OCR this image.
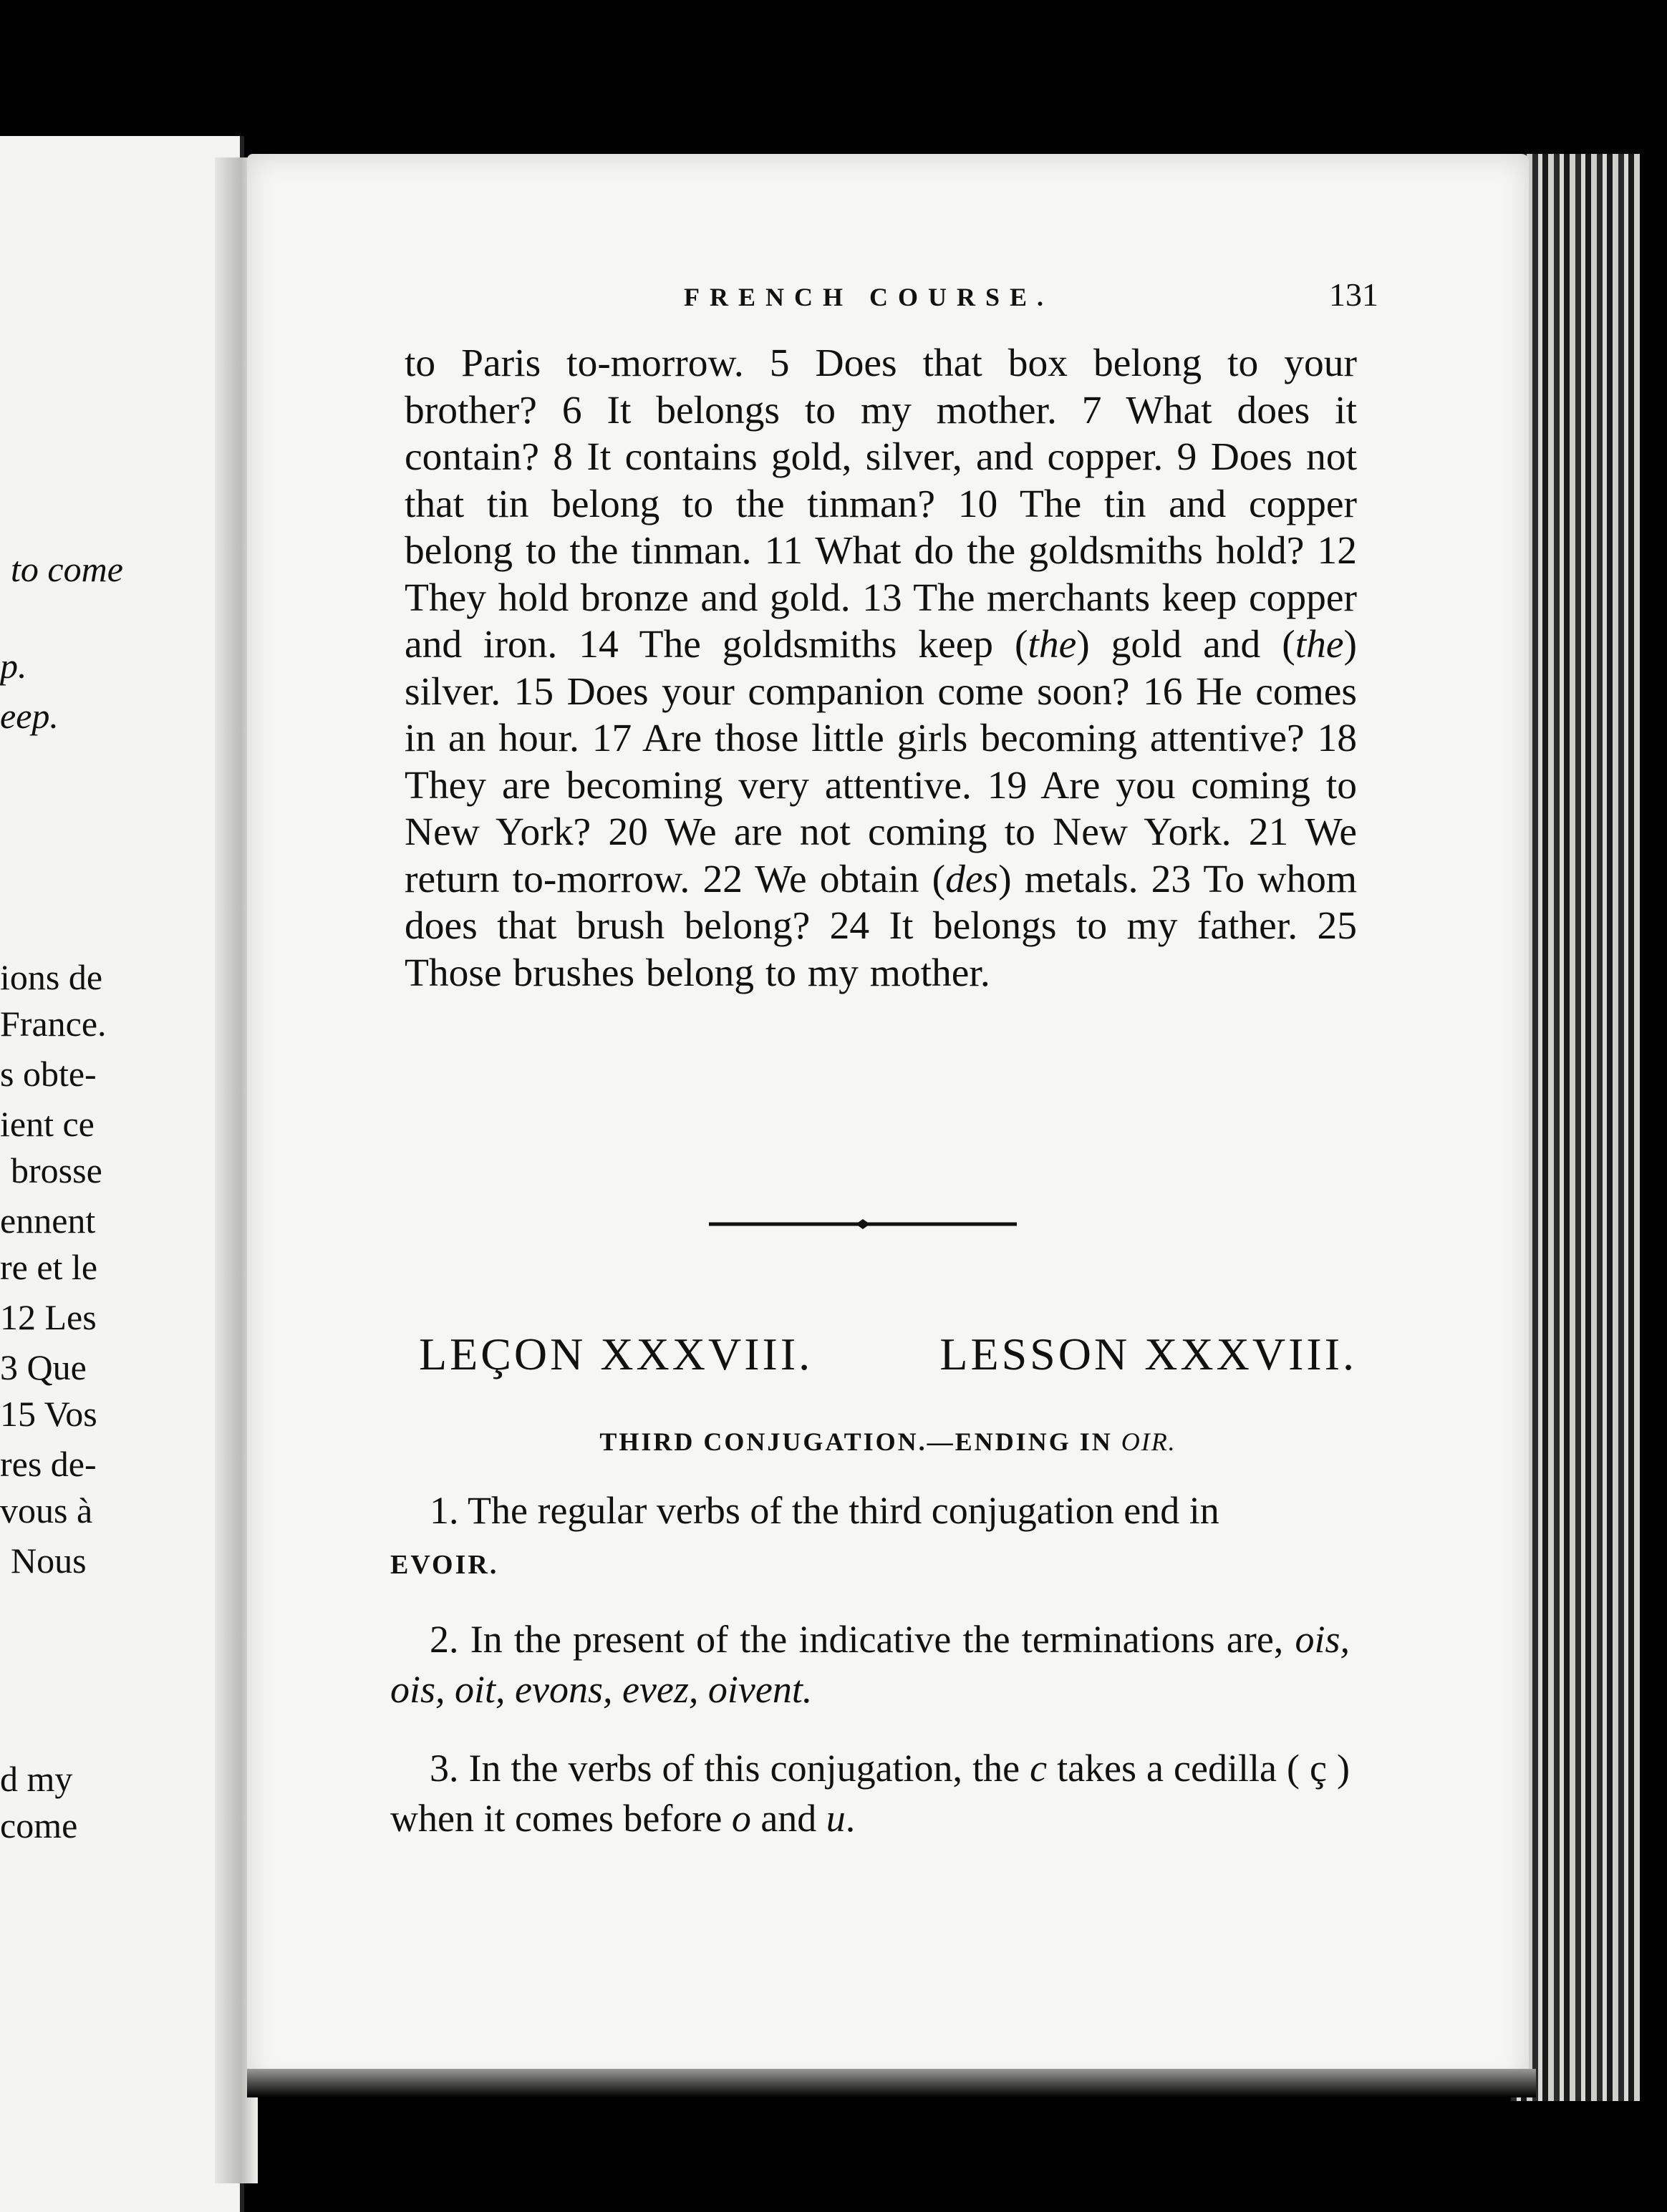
to come
p.
eep.
ions de
France.
s obte-
ient ce
brosse
ennent
re et le
12 Les
3 Que
15 Vos
res de-
vous à
Nous
d my
come
FRENCH COURSE.	131
to Paris to-morrow. 5 Does that box belong to your brother? 6 It belongs to my mother. 7 What does it contain? 8 It contains gold, silver, and copper. 9 Does not that tin belong to the tinman? 10 The tin and copper belong to the tinman. 11 What do the goldsmiths hold? 12 They hold bronze and gold. 13 The merchants keep copper and iron. 14 The goldsmiths keep (the) gold and (the) silver. 15 Does your companion come soon? 16 He comes in an hour. 17 Are those little girls becoming attentive? 18 They are becoming very attentive. 19 Are you coming to New York? 20 We are not coming to New York. 21 We return to-morrow. 22 We obtain (des) metals. 23 To whom does that brush belong? 24 It belongs to my father. 25 Those brushes belong to my mother.
LEÇON XXXVIII.	LESSON XXXVIII.
THIRD CONJUGATION.—ENDING IN OIR.
1. The regular verbs of the third conjugation end in
EVOIR.
2. In the present of the indicative the terminations are, ois, ois, oit, evons, evez, oivent.
3. In the verbs of this conjugation, the c takes a cedilla ( ç ) when it comes before o and u.
